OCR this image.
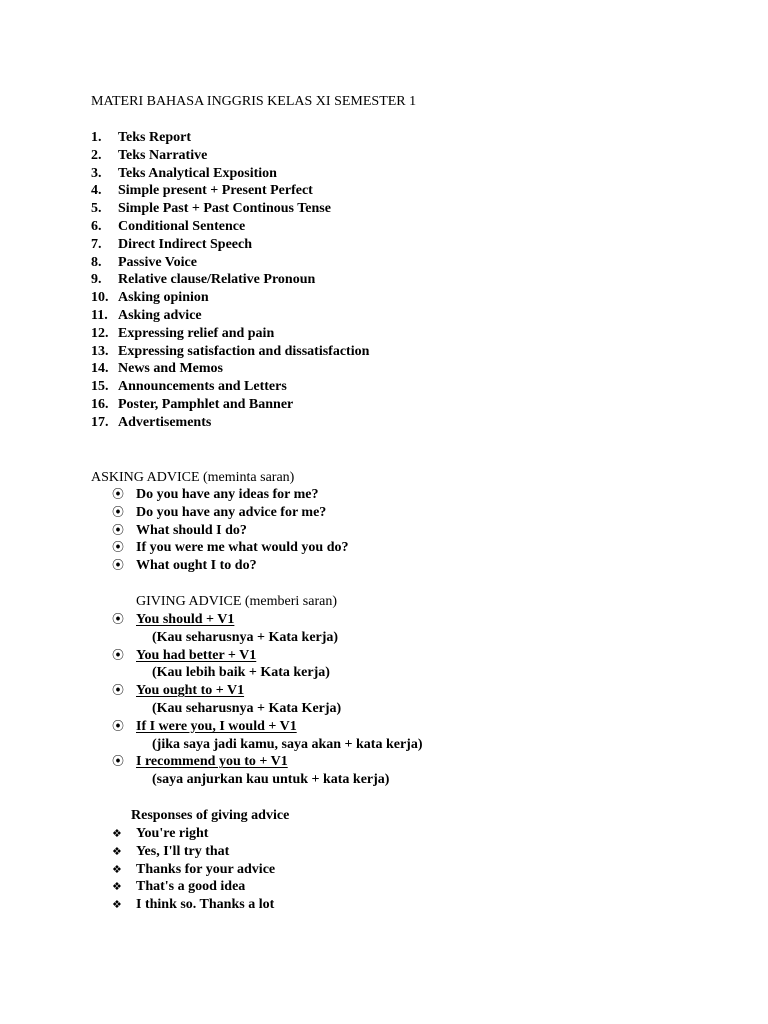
MATERI BAHASA INGGRIS KELAS XI SEMESTER 1
1. Teks Report
2. Teks Narrative
3. Teks Analytical Exposition
4. Simple present + Present Perfect
5. Simple Past + Past Continous Tense
6. Conditional Sentence
7. Direct Indirect Speech
8. Passive Voice
9. Relative clause/Relative Pronoun
10. Asking opinion
11. Asking advice
12. Expressing relief and pain
13. Expressing satisfaction and dissatisfaction
14. News and Memos
15. Announcements and Letters
16. Poster, Pamphlet and Banner
17. Advertisements
ASKING ADVICE (meminta saran)
⦿ Do you have any ideas for me?
⦿ Do you have any advice for me?
⦿ What should I do?
⦿ If you were me what would you do?
⦿ What ought I to do?
GIVING ADVICE (memberi saran)
⦿ You should + V1
(Kau seharusnya + Kata kerja)
⦿ You had better + V1
(Kau lebih baik + Kata kerja)
⦿ You ought to + V1
(Kau seharusnya + Kata Kerja)
⦿ If I were you, I would + V1
(jika saya jadi kamu, saya akan + kata kerja)
⦿ I recommend you to + V1
(saya anjurkan kau untuk + kata kerja)
Responses of giving advice
❖ You're right
❖ Yes, I'll try that
❖ Thanks for your advice
❖ That's a good idea
❖ I think so. Thanks a lot
